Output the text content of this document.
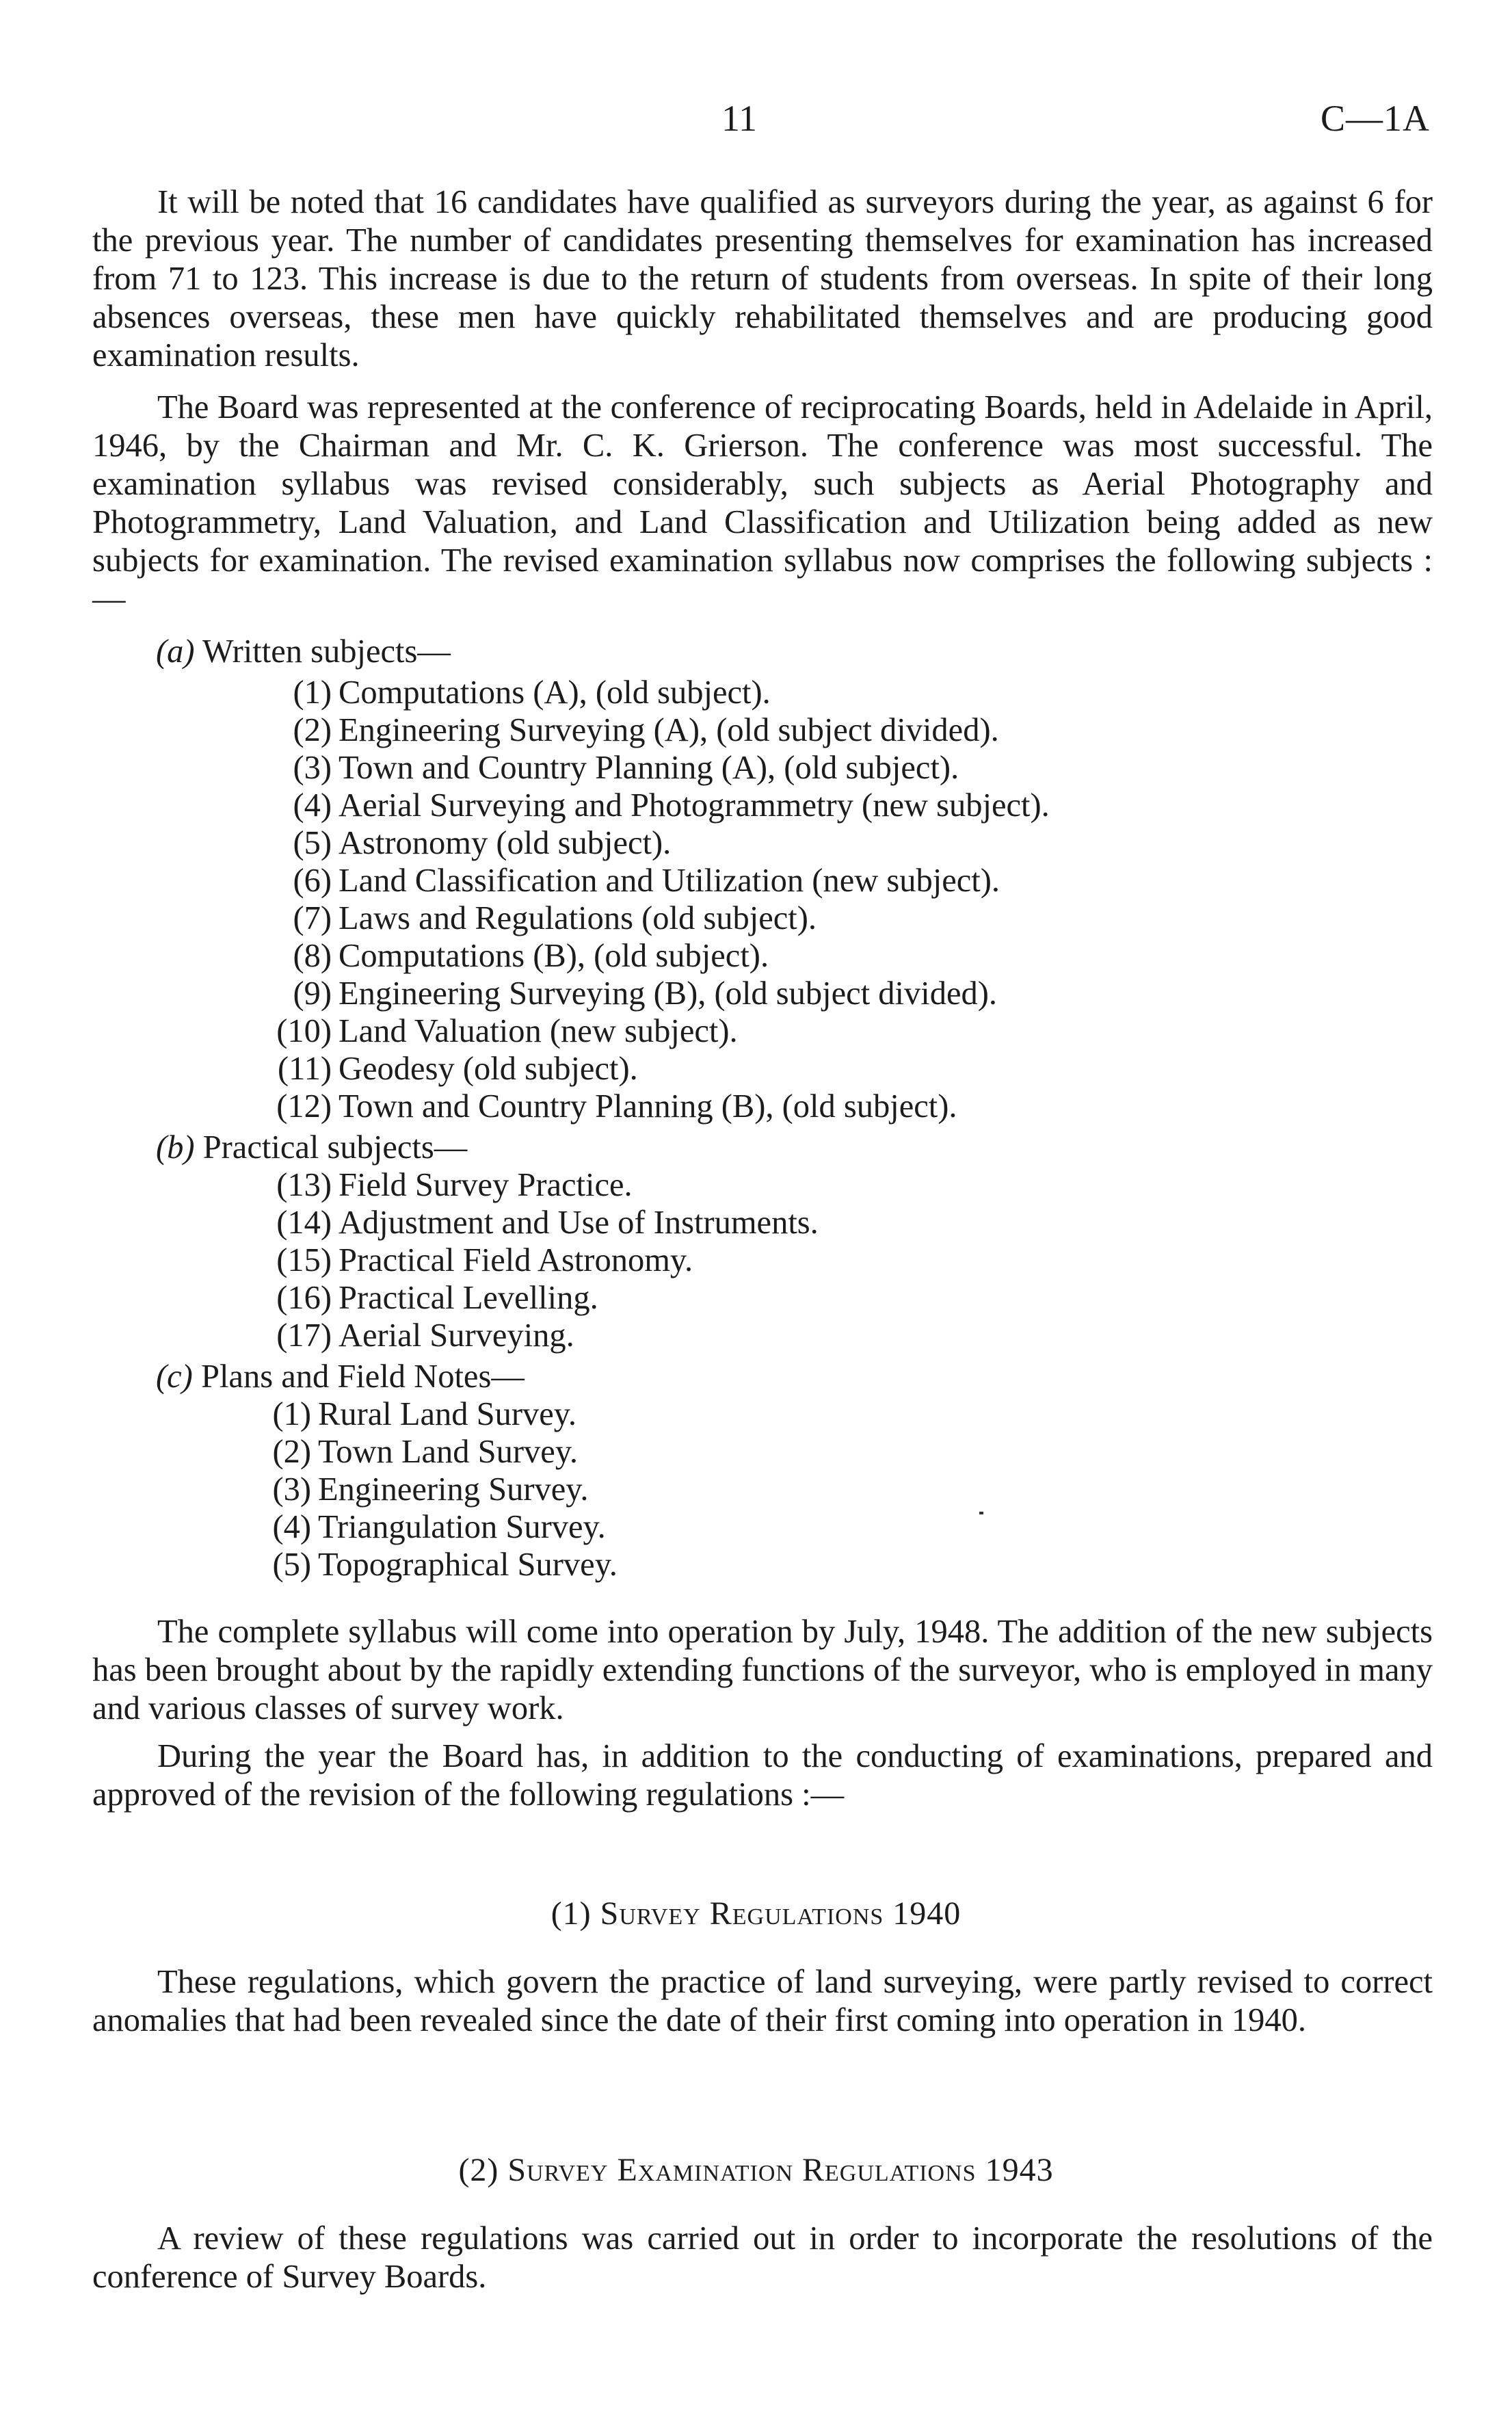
11	C—1A

It will be noted that 16 candidates have qualified as surveyors during the year, as against 6 for the previous year. The number of candidates presenting themselves for examination has increased from 71 to 123. This increase is due to the return of students from overseas. In spite of their long absences overseas, these men have quickly rehabilitated themselves and are producing good examination results.

The Board was represented at the conference of reciprocating Boards, held in Adelaide in April, 1946, by the Chairman and Mr. C. K. Grierson. The conference was most successful. The examination syllabus was revised considerably, such subjects as Aerial Photography and Photogrammetry, Land Valuation, and Land Classification and Utilization being added as new subjects for examination. The revised examination syllabus now comprises the following subjects :—

(a) Written subjects—
(1) Computations (A), (old subject).
(2) Engineering Surveying (A), (old subject divided).
(3) Town and Country Planning (A), (old subject).
(4) Aerial Surveying and Photogrammetry (new subject).
(5) Astronomy (old subject).
(6) Land Classification and Utilization (new subject).
(7) Laws and Regulations (old subject).
(8) Computations (B), (old subject).
(9) Engineering Surveying (B), (old subject divided).
(10) Land Valuation (new subject).
(11) Geodesy (old subject).
(12) Town and Country Planning (B), (old subject).
(b) Practical subjects—
(13) Field Survey Practice.
(14) Adjustment and Use of Instruments.
(15) Practical Field Astronomy.
(16) Practical Levelling.
(17) Aerial Surveying.
(c) Plans and Field Notes—
(1) Rural Land Survey.
(2) Town Land Survey.
(3) Engineering Survey.
(4) Triangulation Survey.
(5) Topographical Survey.

The complete syllabus will come into operation by July, 1948. The addition of the new subjects has been brought about by the rapidly extending functions of the surveyor, who is employed in many and various classes of survey work.

During the year the Board has, in addition to the conducting of examinations, prepared and approved of the revision of the following regulations :—

(1) Survey Regulations 1940

These regulations, which govern the practice of land surveying, were partly revised to correct anomalies that had been revealed since the date of their first coming into operation in 1940.

(2) Survey Examination Regulations 1943

A review of these regulations was carried out in order to incorporate the resolutions of the conference of Survey Boards.
